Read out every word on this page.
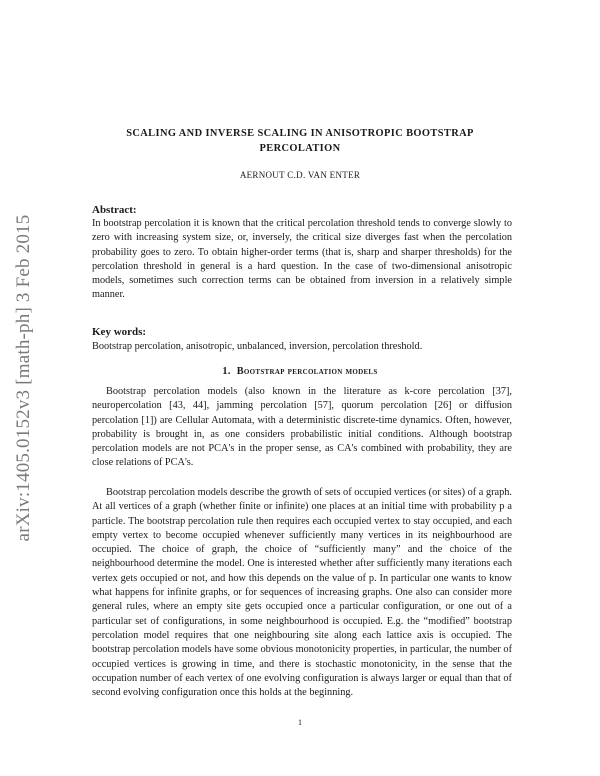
arXiv:1405.0152v3 [math-ph] 3 Feb 2015
SCALING AND INVERSE SCALING IN ANISOTROPIC BOOTSTRAP
PERCOLATION

AERNOUT C.D. VAN ENTER

Abstract:

In bootstrap percolation it is known that the critical percolation threshold tends to converge slowly to zero with increasing system size, or, inversely, the critical size diverges fast when the percolation probability goes to zero. To obtain higher-order terms (that is, sharp and sharper thresholds) for the percolation threshold in general is a hard question. In the case of two-dimensional anisotropic models, sometimes such correction terms can be obtained from inversion in a relatively simple manner.

Key words:

Bootstrap percolation, anisotropic, unbalanced, inversion, percolation threshold.

1. Bootstrap percolation models

Bootstrap percolation models (also known in the literature as k-core percolation [37], neuropercolation [43, 44], jamming percolation [57], quorum percolation [26] or diffusion percolation [1]) are Cellular Automata, with a deterministic discrete-time dynamics. Often, however, probability is brought in, as one considers probabilistic initial conditions. Although bootstrap percolation models are not PCA's in the proper sense, as CA's combined with probability, they are close relations of PCA's.

Bootstrap percolation models describe the growth of sets of occupied vertices (or sites) of a graph. At all vertices of a graph (whether finite or infinite) one places at an initial time with probability p a particle. The bootstrap percolation rule then requires each occupied vertex to stay occupied, and each empty vertex to become occupied whenever sufficiently many vertices in its neighbourhood are occupied. The choice of graph, the choice of “sufficiently many” and the choice of the neighbourhood determine the model. One is interested whether after sufficiently many iterations each vertex gets occupied or not, and how this depends on the value of p. In particular one wants to know what happens for infinite graphs, or for sequences of increasing graphs. One also can consider more general rules, where an empty site gets occupied once a particular configuration, or one out of a particular set of configurations, in some neighbourhood is occupied. E.g. the “modified” bootstrap percolation model requires that one neighbouring site along each lattice axis is occupied. The bootstrap percolation models have some obvious monotonicity properties, in particular, the number of occupied vertices is growing in time, and there is stochastic monotonicity, in the sense that the occupation number of each vertex of one evolving configuration is always larger or equal than that of second evolving configuration once this holds at the beginning.

1
